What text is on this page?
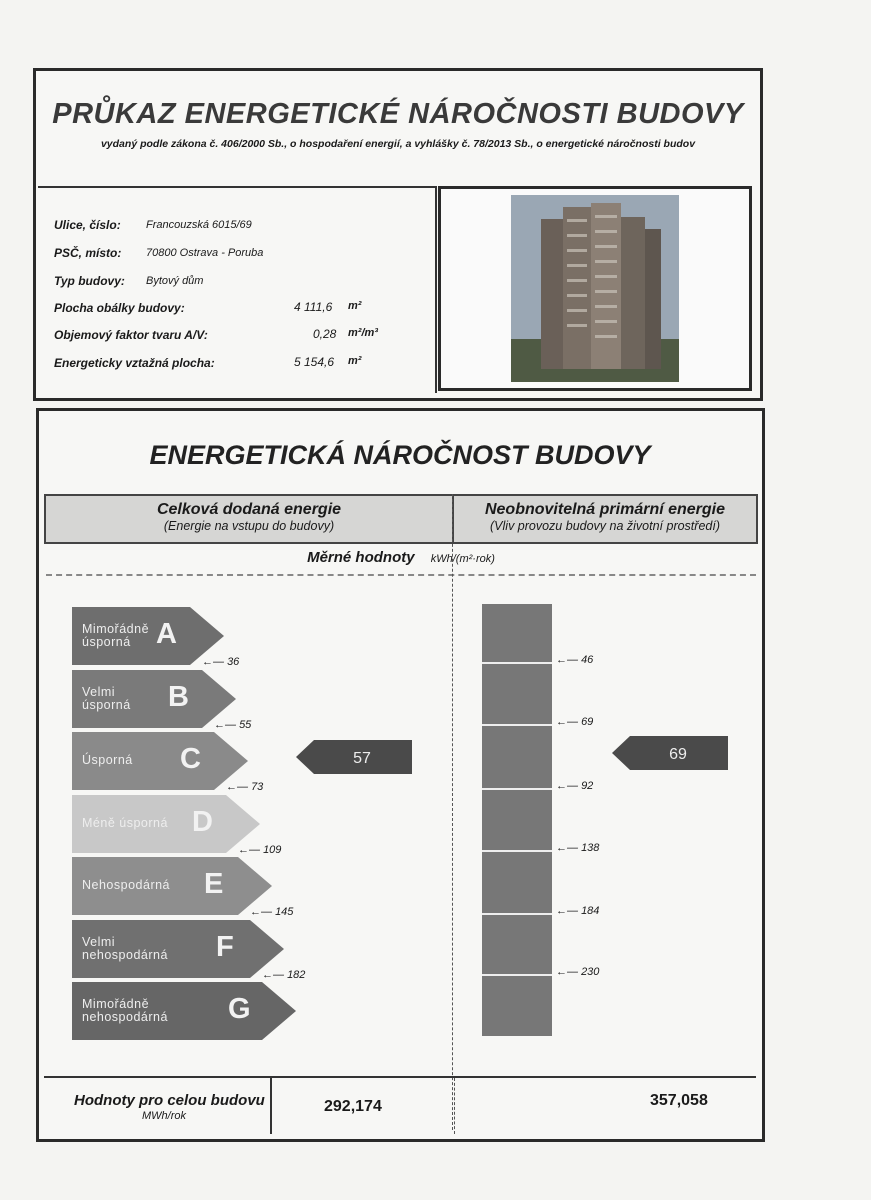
PRŮKAZ ENERGETICKÉ NÁROČNOSTI BUDOVY
vydaný podle zákona č. 406/2000 Sb., o hospodaření energií, a vyhlášky č. 78/2013 Sb., o energetické náročnosti budov
Ulice, číslo: Francouzská 6015/69
PSČ, místo: 70800 Ostrava - Poruba
Typ budovy: Bytový dům
Plocha obálky budovy:	4 111,6 m²
Objemový faktor tvaru A/V:	0,28 m²/m³
Energeticky vztažná plocha:	5 154,6 m²
ENERGETICKÁ NÁROČNOST BUDOVY
Celková dodaná energie
(Energie na vstupu do budovy)
Neobnovitelná primární energie
(Vliv provozu budovy na životní prostředí)
Měrné hodnoty kWh/(m²·rok)
Mimořádně
úsporná A
Velmi
úsporná B
Úsporná C
Méně úsporná D
Nehospodárná E
Velmi
nehospodárná F
Mimořádně
nehospodárná G
←— 36
←— 55
←— 73
←— 109
←— 145
←— 182
57
←— 46
←— 69
←— 92
←— 138
←— 184
←— 230
69
Hodnoty pro celou budovu
MWh/rok
292,174	357,058
